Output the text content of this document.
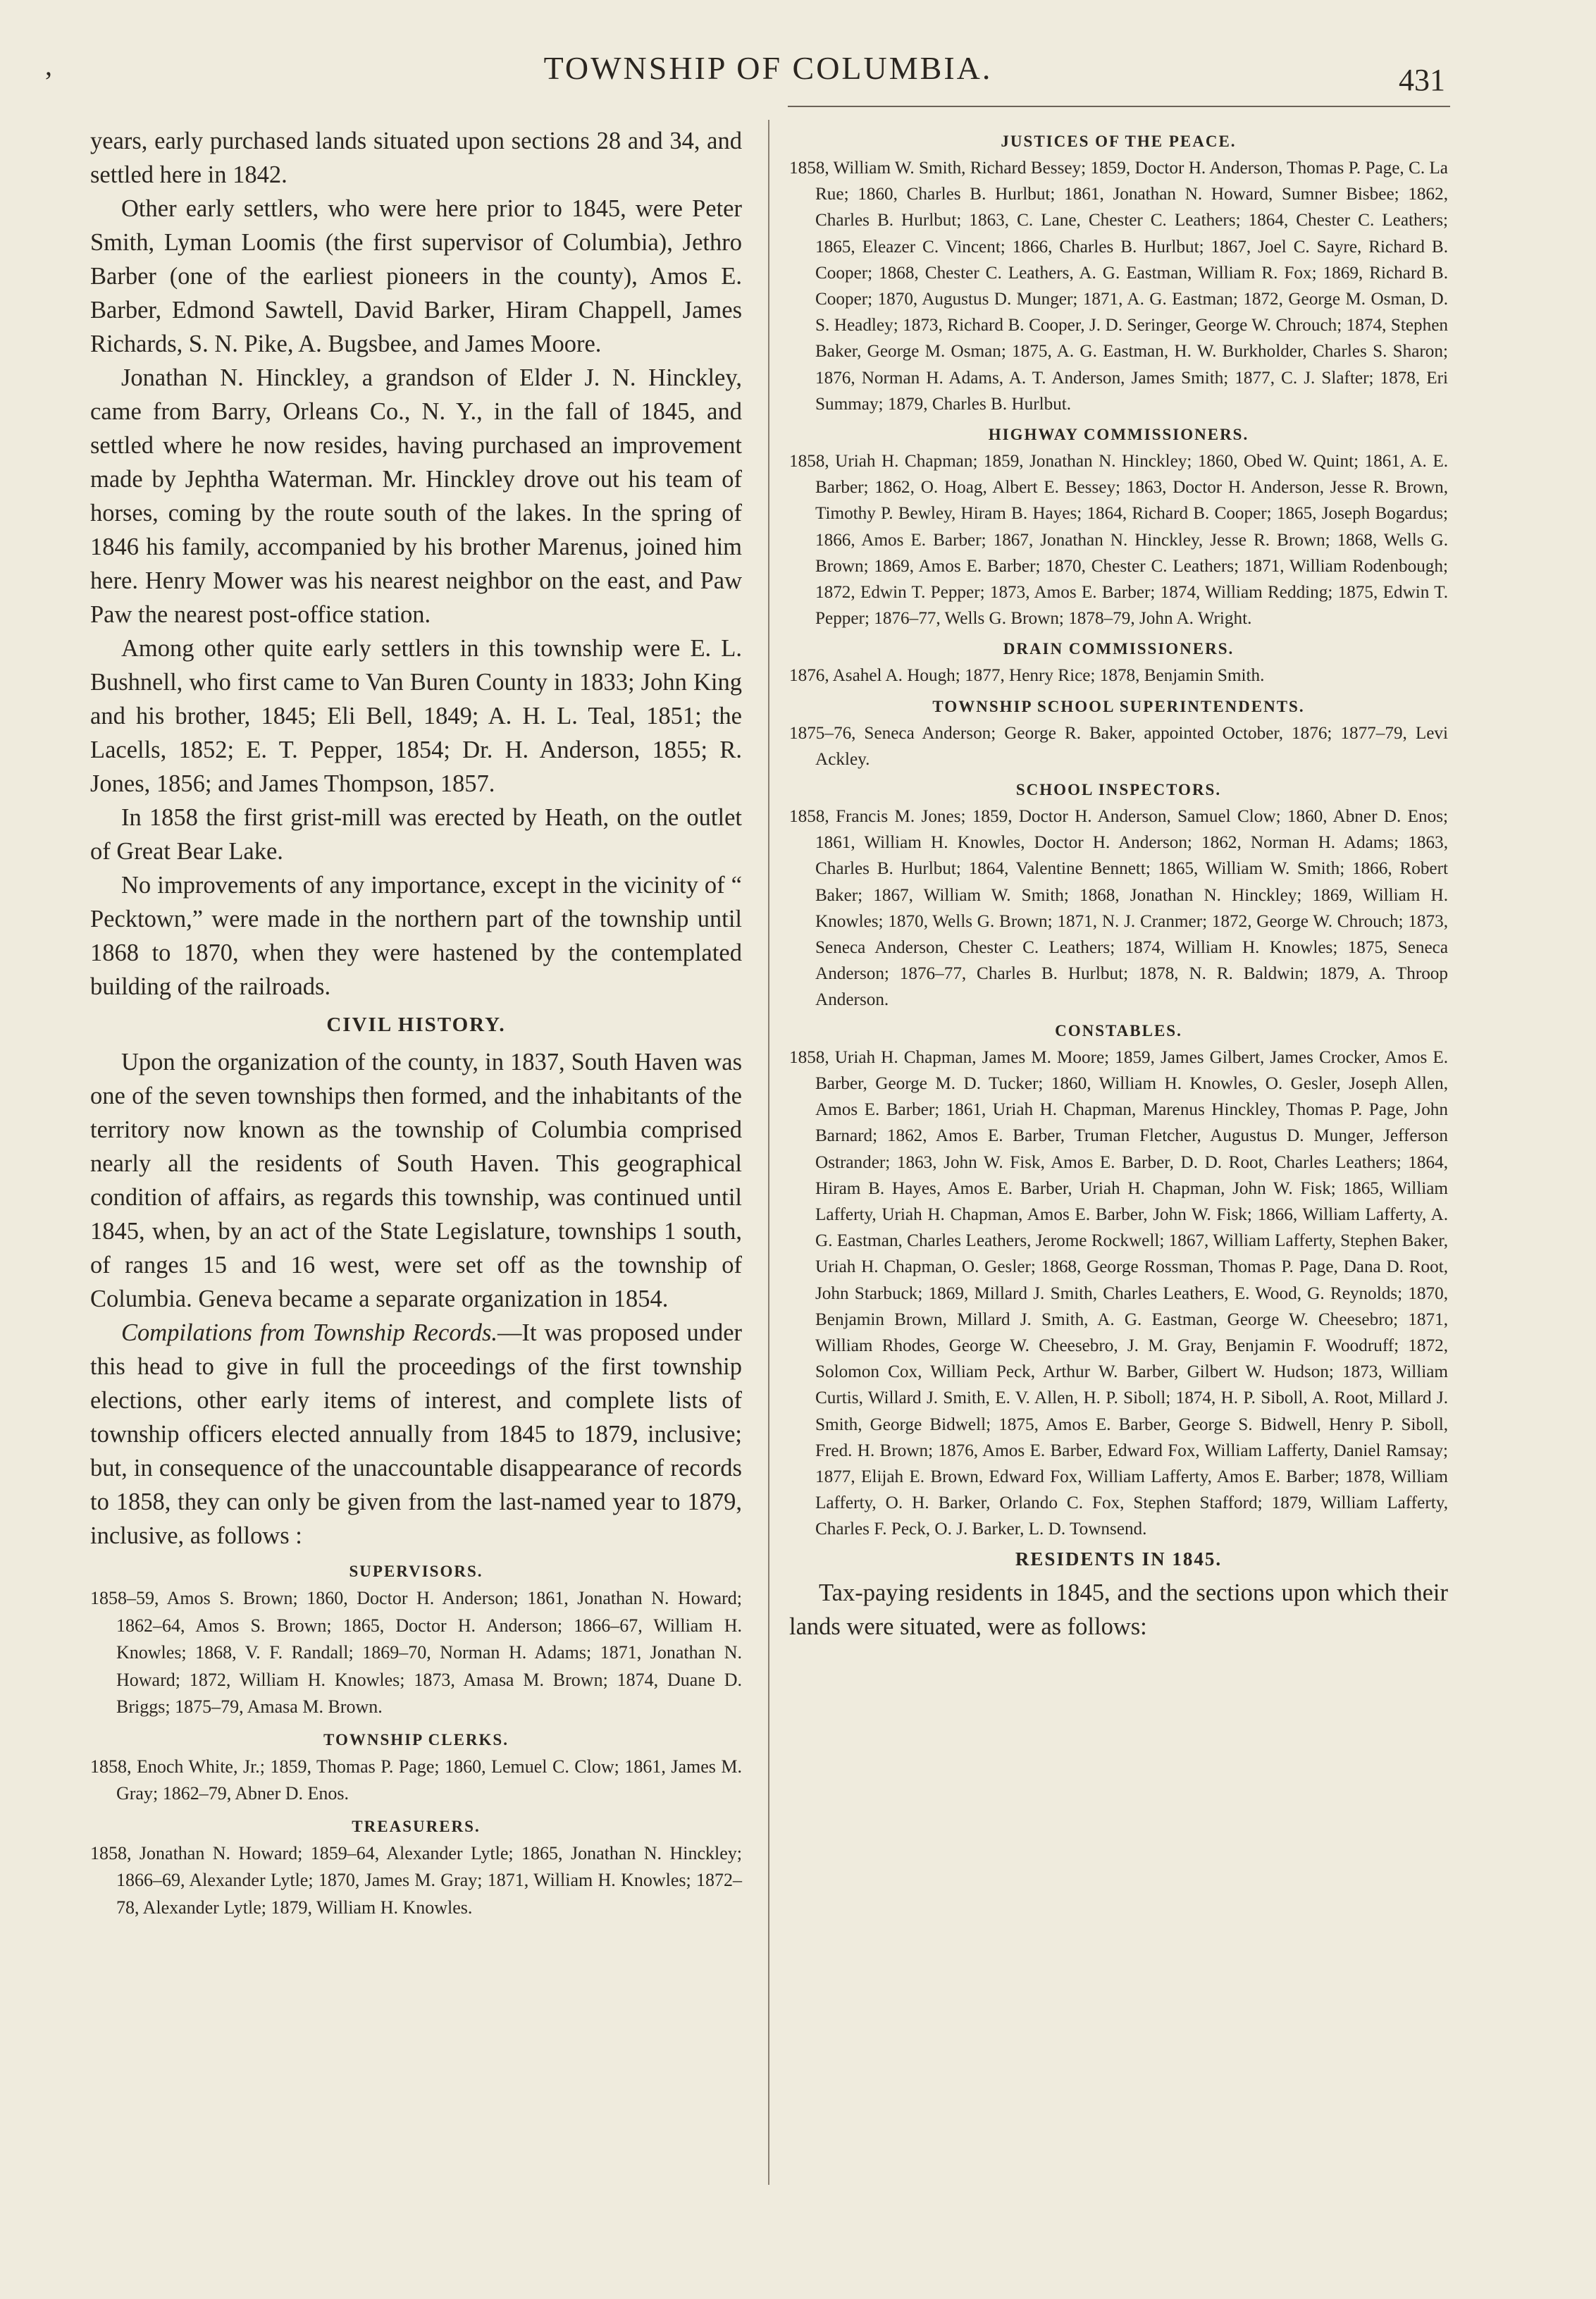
’	TOWNSHIP OF COLUMBIA.	431

years, early purchased lands situated upon sections 28 and 34, and settled here in 1842.

Other early settlers, who were here prior to 1845, were Peter Smith, Lyman Loomis (the first supervisor of Columbia), Jethro Barber (one of the earliest pioneers in the county), Amos E. Barber, Edmond Sawtell, David Barker, Hiram Chappell, James Richards, S. N. Pike, A. Bugsbee, and James Moore.

Jonathan N. Hinckley, a grandson of Elder J. N. Hinckley, came from Barry, Orleans Co., N. Y., in the fall of 1845, and settled where he now resides, having purchased an improvement made by Jephtha Waterman. Mr. Hinckley drove out his team of horses, coming by the route south of the lakes. In the spring of 1846 his family, accompanied by his brother Marenus, joined him here. Henry Mower was his nearest neighbor on the east, and Paw Paw the nearest post-office station.

Among other quite early settlers in this township were E. L. Bushnell, who first came to Van Buren County in 1833; John King and his brother, 1845; Eli Bell, 1849; A. H. L. Teal, 1851; the Lacells, 1852; E. T. Pepper, 1854; Dr. H. Anderson, 1855; R. Jones, 1856; and James Thompson, 1857.

In 1858 the first grist-mill was erected by Heath, on the outlet of Great Bear Lake.

No improvements of any importance, except in the vicinity of “ Pecktown,” were made in the northern part of the township until 1868 to 1870, when they were hastened by the contemplated building of the railroads.

CIVIL HISTORY.

Upon the organization of the county, in 1837, South Haven was one of the seven townships then formed, and the inhabitants of the territory now known as the township of Columbia comprised nearly all the residents of South Haven. This geographical condition of affairs, as regards this township, was continued until 1845, when, by an act of the State Legislature, townships 1 south, of ranges 15 and 16 west, were set off as the township of Columbia. Geneva became a separate organization in 1854.

Compilations from Township Records.—It was proposed under this head to give in full the proceedings of the first township elections, other early items of interest, and complete lists of township officers elected annually from 1845 to 1879, inclusive; but, in consequence of the unaccountable disappearance of records to 1858, they can only be given from the last-named year to 1879, inclusive, as follows :

SUPERVISORS.

1858–59, Amos S. Brown; 1860, Doctor H. Anderson; 1861, Jonathan N. Howard; 1862–64, Amos S. Brown; 1865, Doctor H. Anderson; 1866–67, William H. Knowles; 1868, V. F. Randall; 1869–70, Norman H. Adams; 1871, Jonathan N. Howard; 1872, William H. Knowles; 1873, Amasa M. Brown; 1874, Duane D. Briggs; 1875–79, Amasa M. Brown.

TOWNSHIP CLERKS.

1858, Enoch White, Jr.; 1859, Thomas P. Page; 1860, Lemuel C. Clow; 1861, James M. Gray; 1862–79, Abner D. Enos.

TREASURERS.

1858, Jonathan N. Howard; 1859–64, Alexander Lytle; 1865, Jonathan N. Hinckley; 1866–69, Alexander Lytle; 1870, James M. Gray; 1871, William H. Knowles; 1872–78, Alexander Lytle; 1879, William H. Knowles.

JUSTICES OF THE PEACE.

1858, William W. Smith, Richard Bessey; 1859, Doctor H. Anderson, Thomas P. Page, C. La Rue; 1860, Charles B. Hurlbut; 1861, Jonathan N. Howard, Sumner Bisbee; 1862, Charles B. Hurlbut; 1863, C. Lane, Chester C. Leathers; 1864, Chester C. Leathers; 1865, Eleazer C. Vincent; 1866, Charles B. Hurlbut; 1867, Joel C. Sayre, Richard B. Cooper; 1868, Chester C. Leathers, A. G. Eastman, William R. Fox; 1869, Richard B. Cooper; 1870, Augustus D. Munger; 1871, A. G. Eastman; 1872, George M. Osman, D. S. Headley; 1873, Richard B. Cooper, J. D. Seringer, George W. Chrouch; 1874, Stephen Baker, George M. Osman; 1875, A. G. Eastman, H. W. Burkholder, Charles S. Sharon; 1876, Norman H. Adams, A. T. Anderson, James Smith; 1877, C. J. Slafter; 1878, Eri Summay; 1879, Charles B. Hurlbut.

HIGHWAY COMMISSIONERS.

1858, Uriah H. Chapman; 1859, Jonathan N. Hinckley; 1860, Obed W. Quint; 1861, A. E. Barber; 1862, O. Hoag, Albert E. Bessey; 1863, Doctor H. Anderson, Jesse R. Brown, Timothy P. Bewley, Hiram B. Hayes; 1864, Richard B. Cooper; 1865, Joseph Bogardus; 1866, Amos E. Barber; 1867, Jonathan N. Hinckley, Jesse R. Brown; 1868, Wells G. Brown; 1869, Amos E. Barber; 1870, Chester C. Leathers; 1871, William Rodenbough; 1872, Edwin T. Pepper; 1873, Amos E. Barber; 1874, William Redding; 1875, Edwin T. Pepper; 1876–77, Wells G. Brown; 1878–79, John A. Wright.

DRAIN COMMISSIONERS.

1876, Asahel A. Hough; 1877, Henry Rice; 1878, Benjamin Smith.

TOWNSHIP SCHOOL SUPERINTENDENTS.

1875–76, Seneca Anderson; George R. Baker, appointed October, 1876; 1877–79, Levi Ackley.

SCHOOL INSPECTORS.

1858, Francis M. Jones; 1859, Doctor H. Anderson, Samuel Clow; 1860, Abner D. Enos; 1861, William H. Knowles, Doctor H. Anderson; 1862, Norman H. Adams; 1863, Charles B. Hurlbut; 1864, Valentine Bennett; 1865, William W. Smith; 1866, Robert Baker; 1867, William W. Smith; 1868, Jonathan N. Hinckley; 1869, William H. Knowles; 1870, Wells G. Brown; 1871, N. J. Cranmer; 1872, George W. Chrouch; 1873, Seneca Anderson, Chester C. Leathers; 1874, William H. Knowles; 1875, Seneca Anderson; 1876–77, Charles B. Hurlbut; 1878, N. R. Baldwin; 1879, A. Throop Anderson.

CONSTABLES.

1858, Uriah H. Chapman, James M. Moore; 1859, James Gilbert, James Crocker, Amos E. Barber, George M. D. Tucker; 1860, William H. Knowles, O. Gesler, Joseph Allen, Amos E. Barber; 1861, Uriah H. Chapman, Marenus Hinckley, Thomas P. Page, John Barnard; 1862, Amos E. Barber, Truman Fletcher, Augustus D. Munger, Jefferson Ostrander; 1863, John W. Fisk, Amos E. Barber, D. D. Root, Charles Leathers; 1864, Hiram B. Hayes, Amos E. Barber, Uriah H. Chapman, John W. Fisk; 1865, William Lafferty, Uriah H. Chapman, Amos E. Barber, John W. Fisk; 1866, William Lafferty, A. G. Eastman, Charles Leathers, Jerome Rockwell; 1867, William Lafferty, Stephen Baker, Uriah H. Chapman, O. Gesler; 1868, George Rossman, Thomas P. Page, Dana D. Root, John Starbuck; 1869, Millard J. Smith, Charles Leathers, E. Wood, G. Reynolds; 1870, Benjamin Brown, Millard J. Smith, A. G. Eastman, George W. Cheesebro; 1871, William Rhodes, George W. Cheesebro, J. M. Gray, Benjamin F. Woodruff; 1872, Solomon Cox, William Peck, Arthur W. Barber, Gilbert W. Hudson; 1873, William Curtis, Willard J. Smith, E. V. Allen, H. P. Siboll; 1874, H. P. Siboll, A. Root, Millard J. Smith, George Bidwell; 1875, Amos E. Barber, George S. Bidwell, Henry P. Siboll, Fred. H. Brown; 1876, Amos E. Barber, Edward Fox, William Lafferty, Daniel Ramsay; 1877, Elijah E. Brown, Edward Fox, William Lafferty, Amos E. Barber; 1878, William Lafferty, O. H. Barker, Orlando C. Fox, Stephen Stafford; 1879, William Lafferty, Charles F. Peck, O. J. Barker, L. D. Townsend.

RESIDENTS IN 1845.

Tax-paying residents in 1845, and the sections upon which their lands were situated, were as follows:
